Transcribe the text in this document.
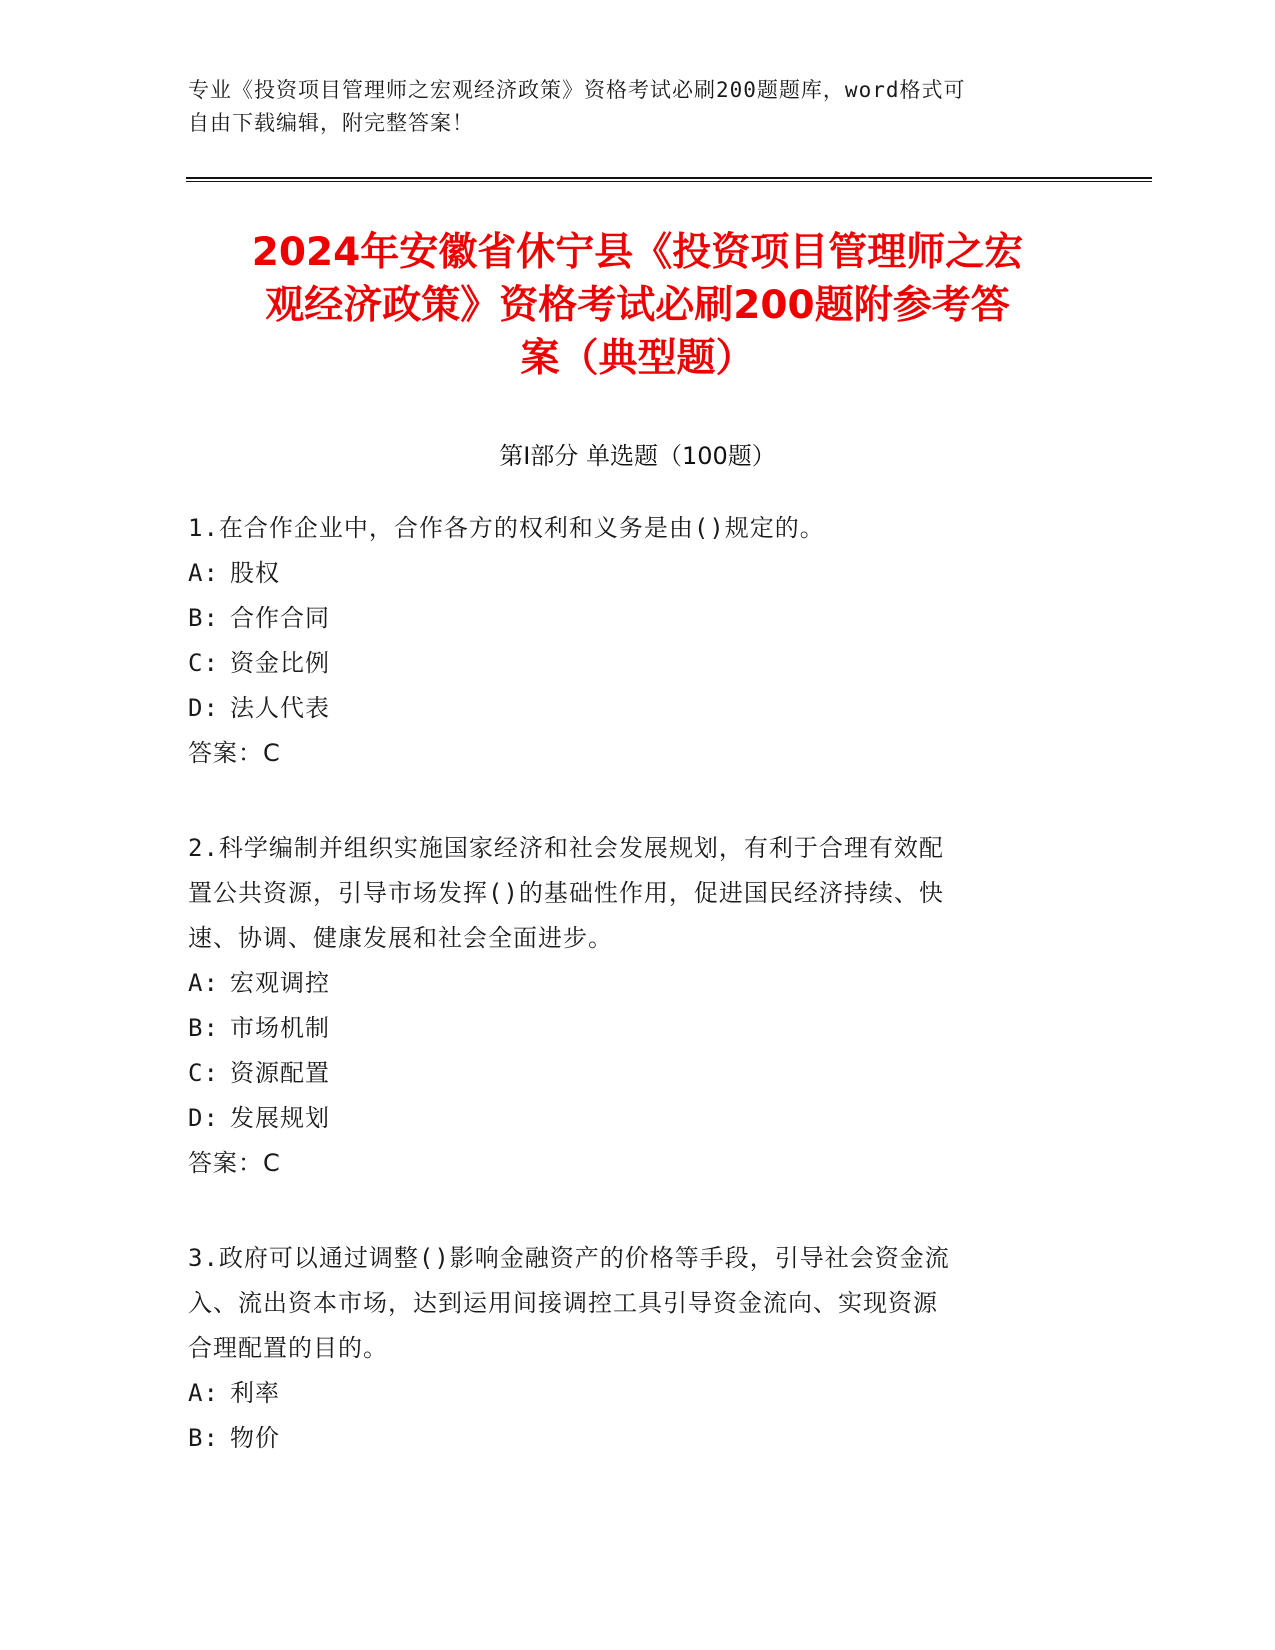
专业《投资项目管理师之宏观经济政策》资格考试必刷200题题库，word格式可
自由下载编辑，附完整答案！
2024年安徽省休宁县《投资项目管理师之宏
观经济政策》资格考试必刷200题附参考答
案（典型题）
第I部分 单选题（100题）
1.在合作企业中，合作各方的权利和义务是由()规定的。
A: 股权
B: 合作合同
C: 资金比例
D: 法人代表
答案：C
2.科学编制并组织实施国家经济和社会发展规划，有利于合理有效配
置公共资源，引导市场发挥()的基础性作用，促进国民经济持续、快
速、协调、健康发展和社会全面进步。
A: 宏观调控
B: 市场机制
C: 资源配置
D: 发展规划
答案：C
3.政府可以通过调整()影响金融资产的价格等手段，引导社会资金流
入、流出资本市场，达到运用间接调控工具引导资金流向、实现资源
合理配置的目的。
A: 利率
B: 物价
